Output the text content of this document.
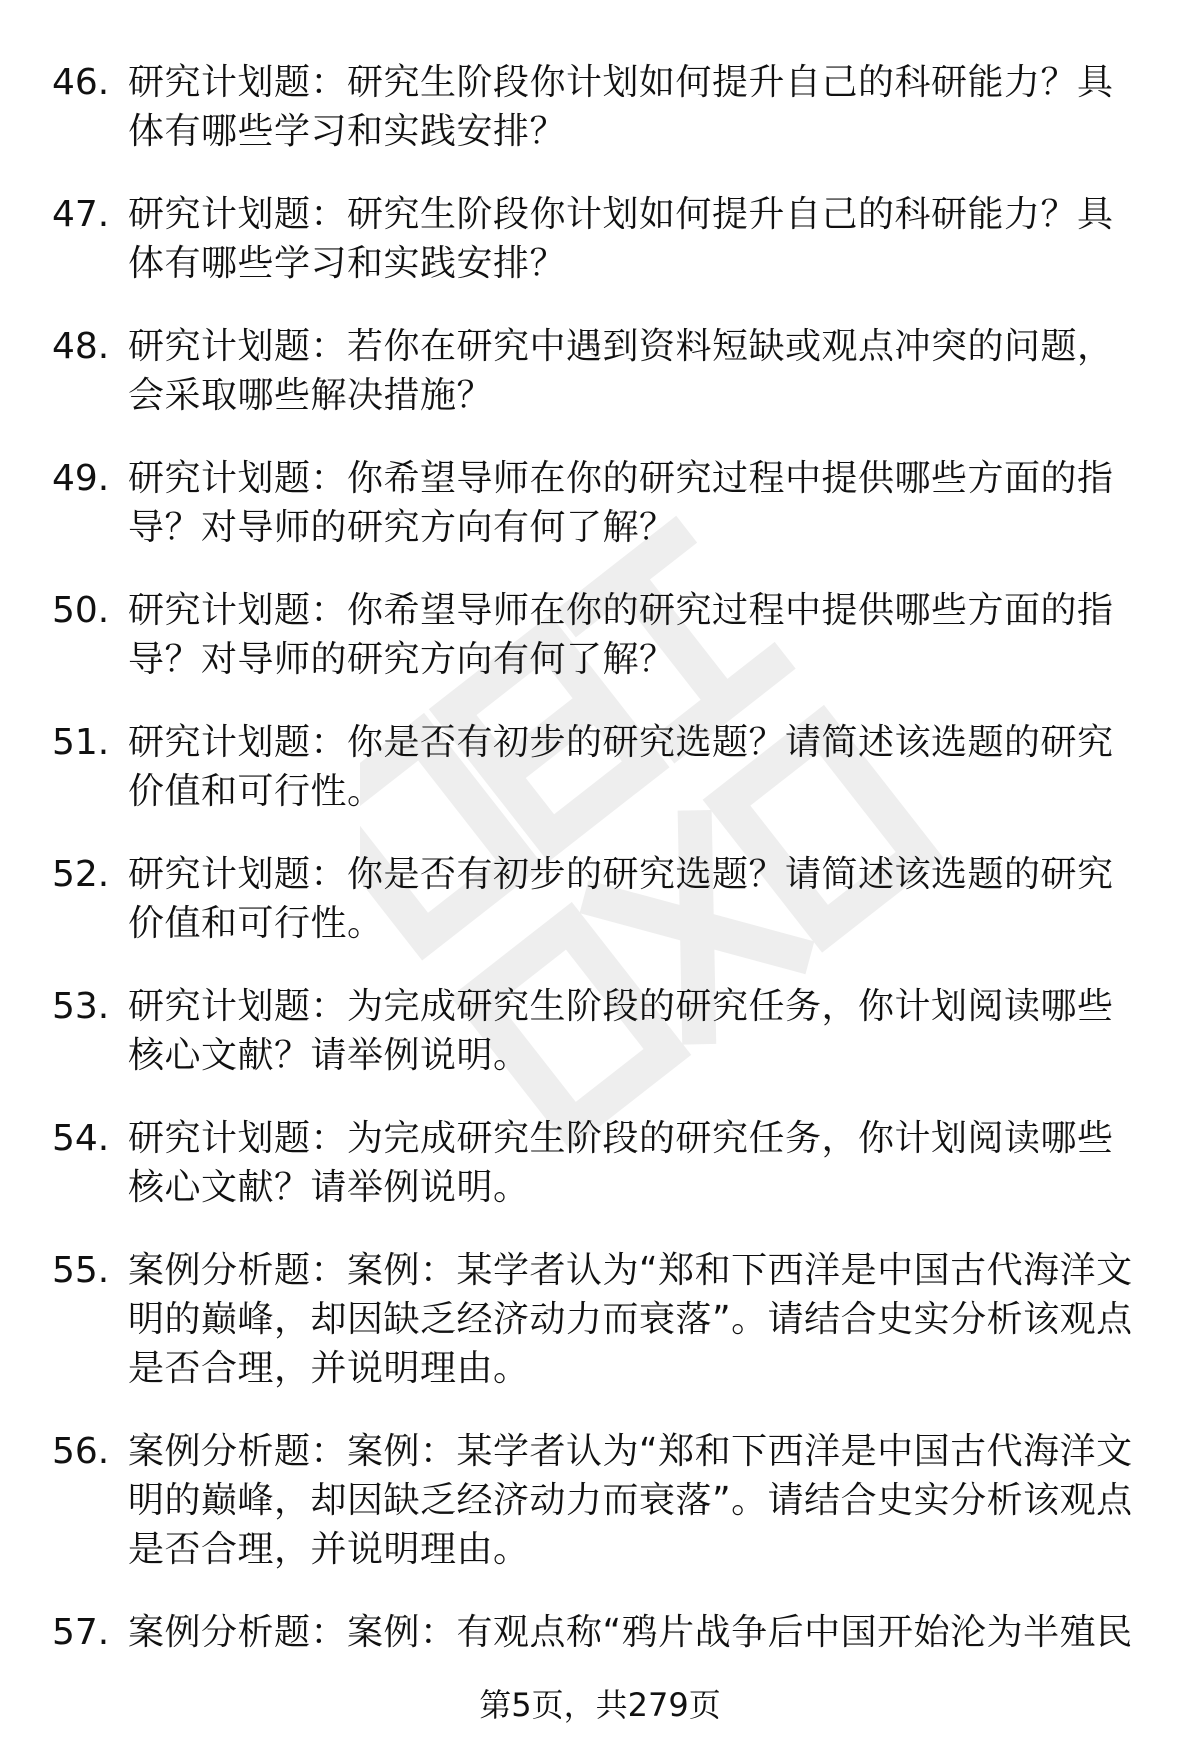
46. 研究计划题：研究生阶段你计划如何提升自己的科研能力？具体有哪些学习和实践安排？
47. 研究计划题：研究生阶段你计划如何提升自己的科研能力？具体有哪些学习和实践安排？
48. 研究计划题：若你在研究中遇到资料短缺或观点冲突的问题，会采取哪些解决措施？
49. 研究计划题：你希望导师在你的研究过程中提供哪些方面的指导？对导师的研究方向有何了解？
50. 研究计划题：你希望导师在你的研究过程中提供哪些方面的指导？对导师的研究方向有何了解？
51. 研究计划题：你是否有初步的研究选题？请简述该选题的研究价值和可行性。
52. 研究计划题：你是否有初步的研究选题？请简述该选题的研究价值和可行性。
53. 研究计划题：为完成研究生阶段的研究任务，你计划阅读哪些核心文献？请举例说明。
54. 研究计划题：为完成研究生阶段的研究任务，你计划阅读哪些核心文献？请举例说明。
55. 案例分析题：案例：某学者认为“郑和下西洋是中国古代海洋文明的巅峰，却因缺乏经济动力而衰落”。请结合史实分析该观点是否合理，并说明理由。
56. 案例分析题：案例：某学者认为“郑和下西洋是中国古代海洋文明的巅峰，却因缺乏经济动力而衰落”。请结合史实分析该观点是否合理，并说明理由。
57. 案例分析题：案例：有观点称“鸦片战争后中国开始沦为半殖民
第5页，共279页
